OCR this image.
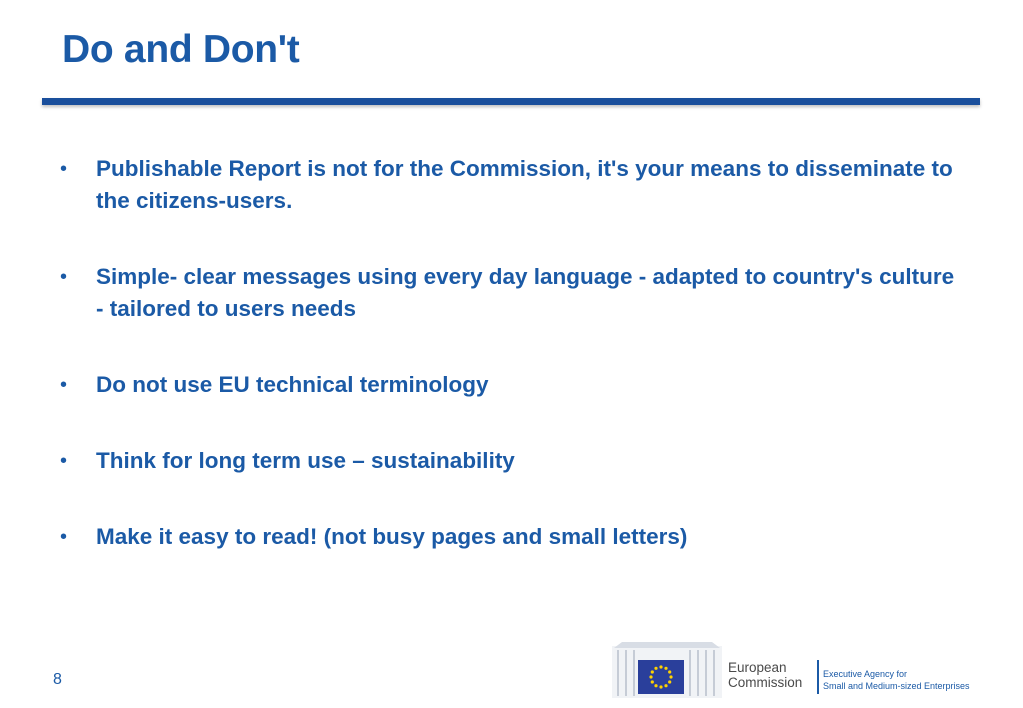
Do and Don't
• Publishable Report is not for the Commission, it's your means to disseminate to the citizens-users.
• Simple- clear messages using every day language - adapted to country's culture - tailored to users needs
• Do not use EU technical terminology
• Think for long term use – sustainability
• Make it easy to read! (not busy pages and small letters)
8
European
Commission
Executive Agency for
Small and Medium-sized Enterprises
